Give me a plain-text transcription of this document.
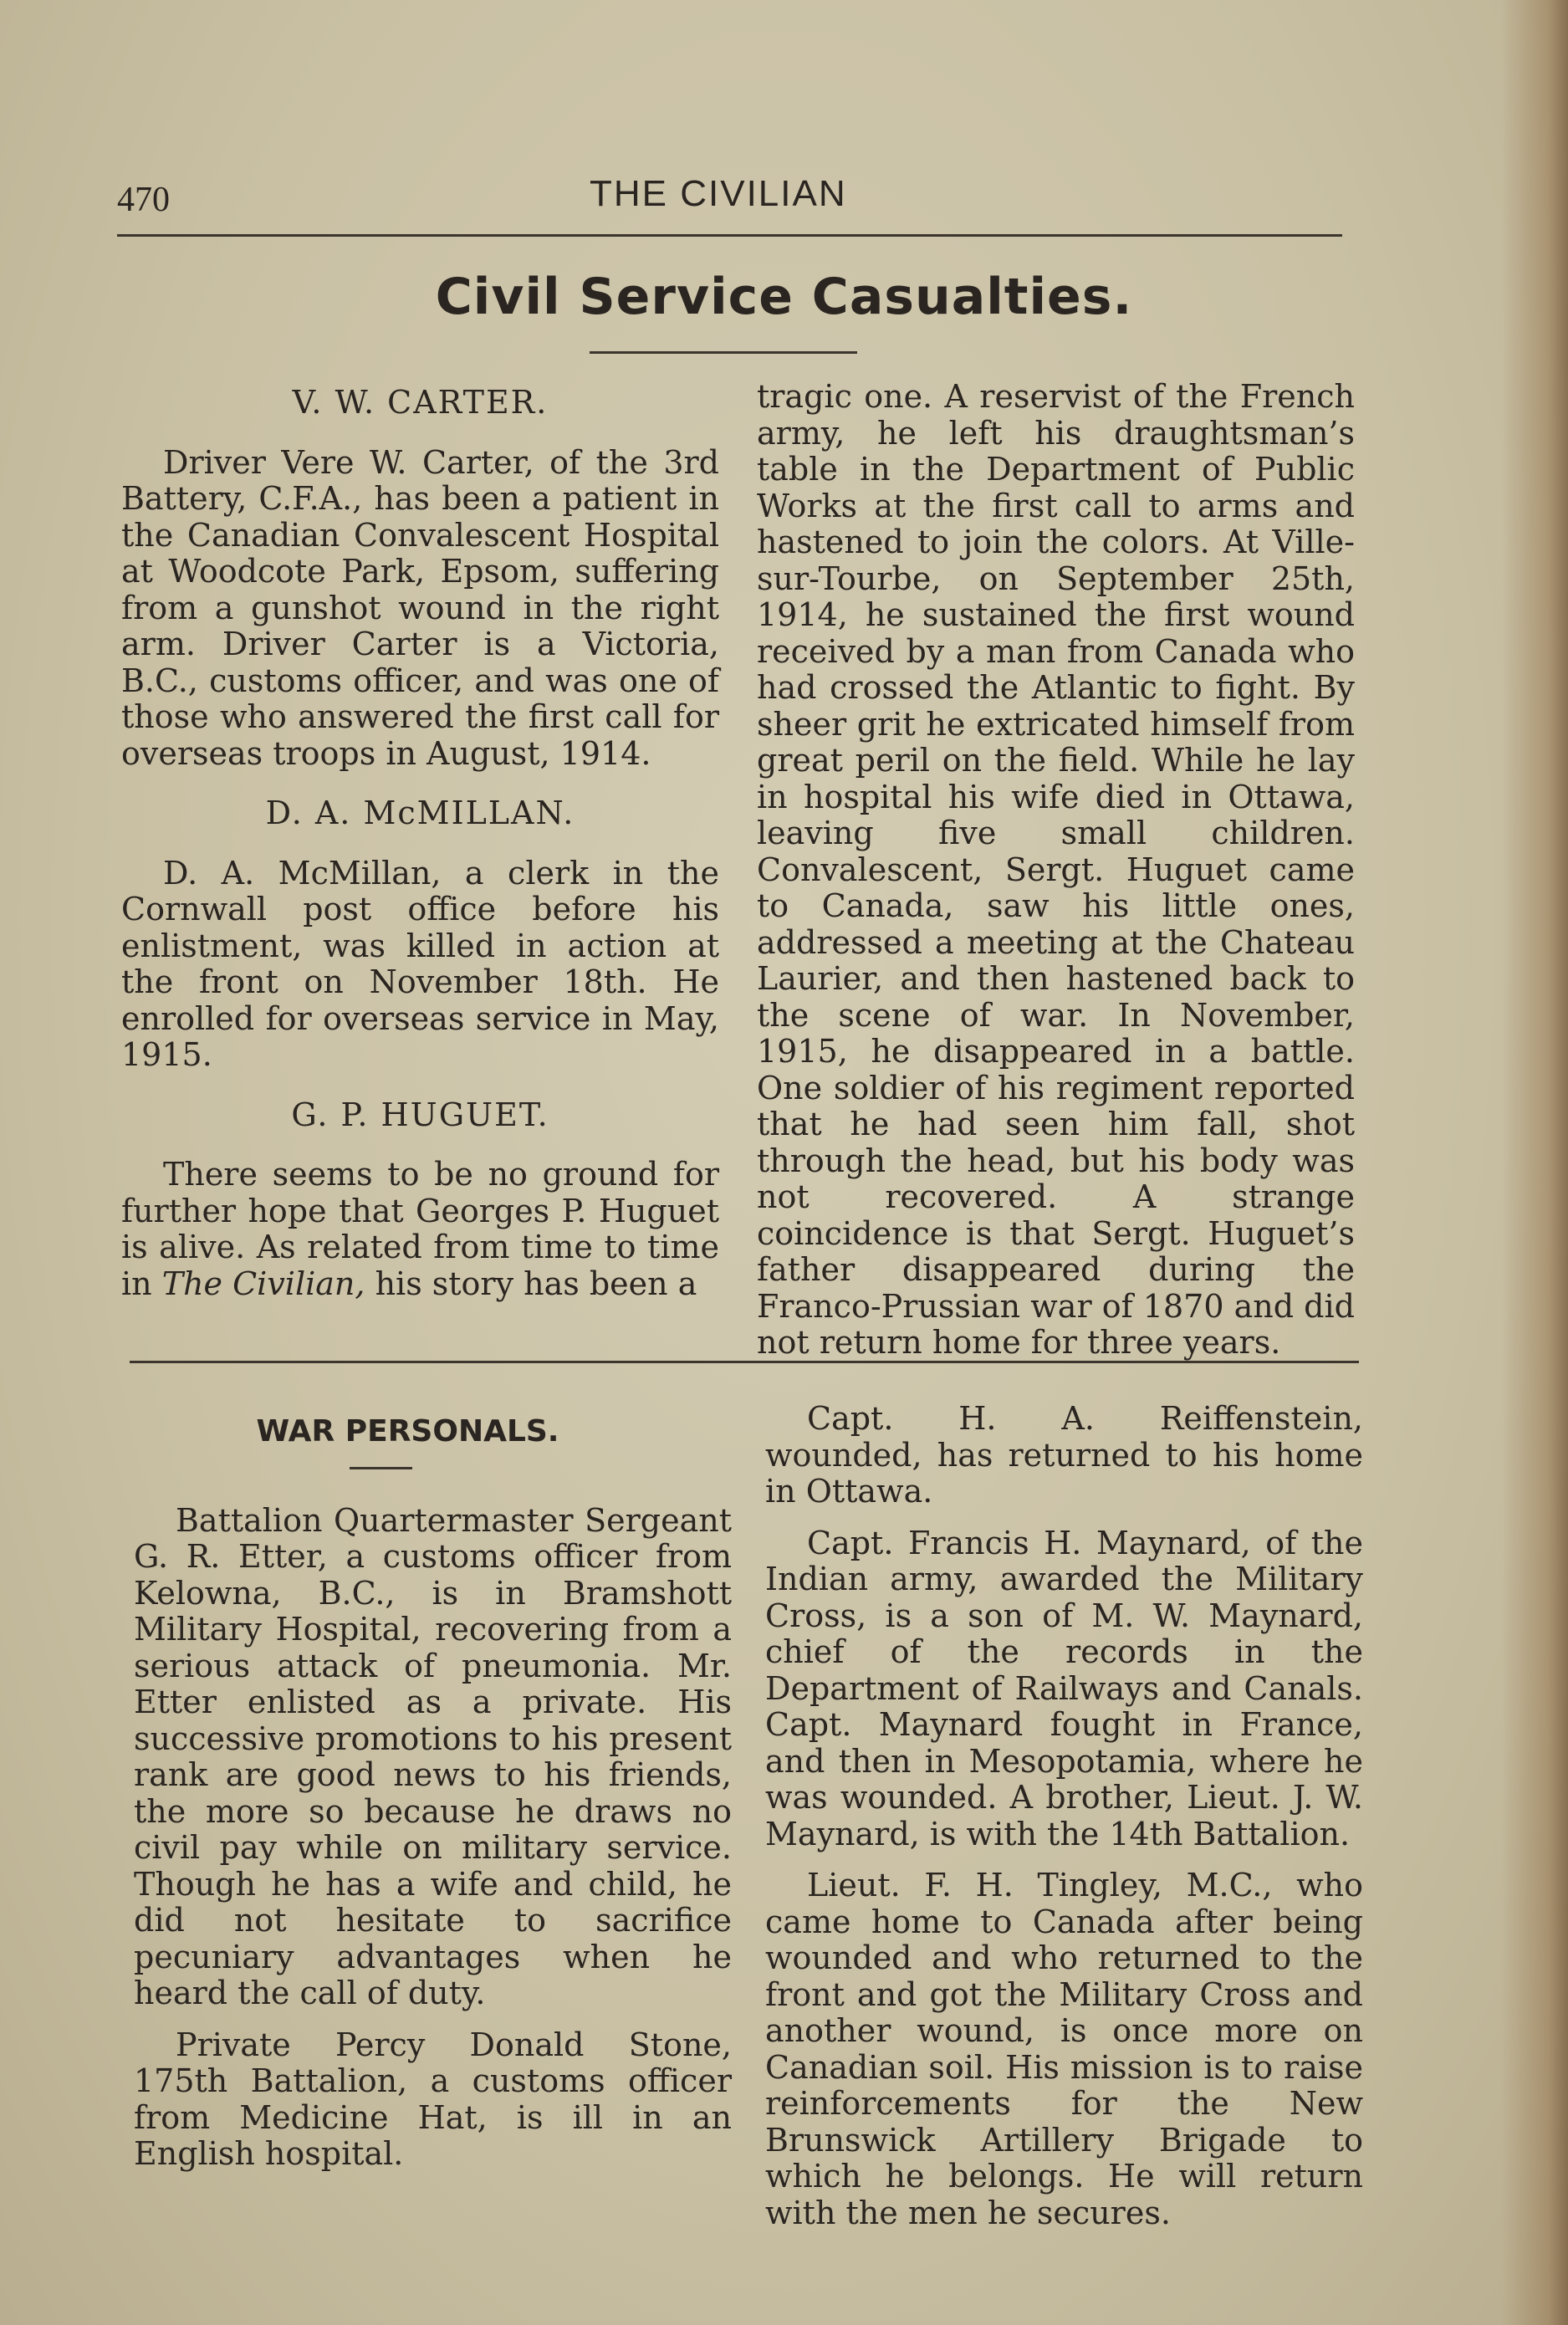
470	THE CIVILIAN
Civil Service Casualties.
V. W. CARTER.

Driver Vere W. Carter, of the 3rd Battery, C.F.A., has been a patient in the Canadian Convalescent Hospital at Woodcote Park, Epsom, suffering from a gunshot wound in the right arm. Driver Carter is a Victoria, B.C., customs officer, and was one of those who answered the first call for overseas troops in August, 1914.

D. A. McMILLAN.

D. A. McMillan, a clerk in the Cornwall post office before his enlistment, was killed in action at the front on November 18th. He enrolled for overseas service in May, 1915.

G. P. HUGUET.

There seems to be no ground for further hope that Georges P. Huguet is alive. As related from time to time in The Civilian, his story has been a

tragic one. A reservist of the French army, he left his draughtsman’s table in the Department of Public Works at the first call to arms and hastened to join the colors. At Ville-sur-Tourbe, on September 25th, 1914, he sustained the first wound received by a man from Canada who had crossed the Atlantic to fight. By sheer grit he extricated himself from great peril on the field. While he lay in hospital his wife died in Ottawa, leaving five small children. Convalescent, Sergt. Huguet came to Canada, saw his little ones, addressed a meeting at the Chateau Laurier, and then hastened back to the scene of war. In November, 1915, he disappeared in a battle. One soldier of his regiment reported that he had seen him fall, shot through the head, but his body was not recovered. A strange coincidence is that Sergt. Huguet’s father disappeared during the Franco-Prussian war of 1870 and did not return home for three years.

WAR PERSONALS.

Battalion Quartermaster Sergeant G. R. Etter, a customs officer from Kelowna, B.C., is in Bramshott Military Hospital, recovering from a serious attack of pneumonia. Mr. Etter enlisted as a private. His successive promotions to his present rank are good news to his friends, the more so because he draws no civil pay while on military service. Though he has a wife and child, he did not hesitate to sacrifice pecuniary advantages when he heard the call of duty.

Private Percy Donald Stone, 175th Battalion, a customs officer from Medicine Hat, is ill in an English hospital.

Capt. H. A. Reiffenstein, wounded, has returned to his home in Ottawa.

Capt. Francis H. Maynard, of the Indian army, awarded the Military Cross, is a son of M. W. Maynard, chief of the records in the Department of Railways and Canals. Capt. Maynard fought in France, and then in Mesopotamia, where he was wounded. A brother, Lieut. J. W. Maynard, is with the 14th Battalion.

Lieut. F. H. Tingley, M.C., who came home to Canada after being wounded and who returned to the front and got the Military Cross and another wound, is once more on Canadian soil. His mission is to raise reinforcements for the New Brunswick Artillery Brigade to which he belongs. He will return with the men he secures.
